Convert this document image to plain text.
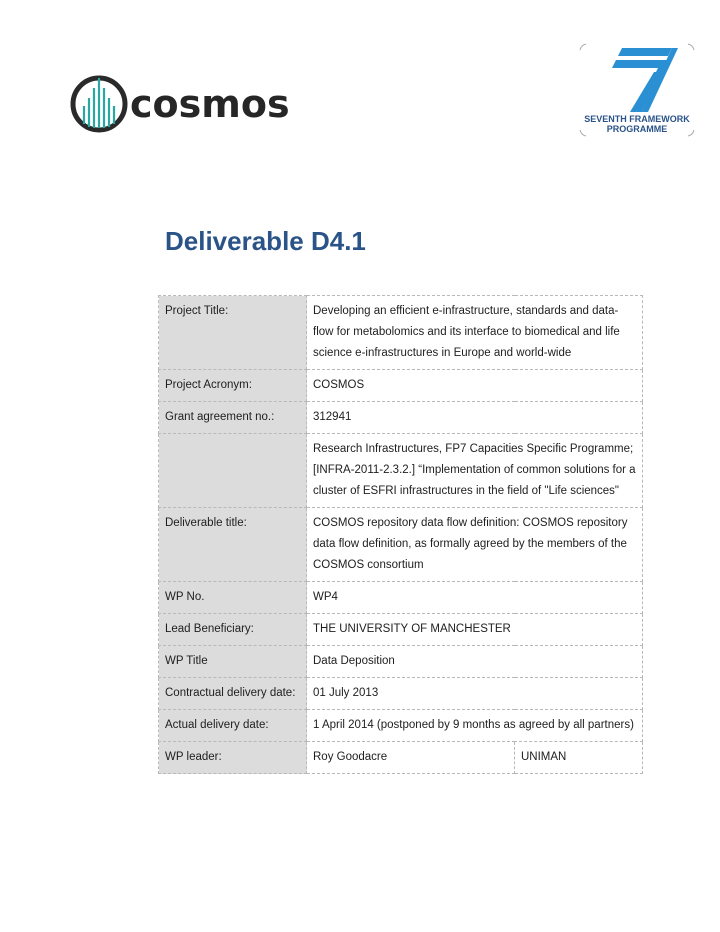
cosmos	SEVENTH FRAMEWORK
PROGRAMME
Deliverable D4.1
Project Title:	Developing an efficient e-infrastructure, standards and data-flow for metabolomics and its interface to biomedical and life science e-infrastructures in Europe and world-wide	
Project Acronym:	COSMOS	
Grant agreement no.:	312941	
	Research Infrastructures, FP7 Capacities Specific Programme; [INFRA-2011-2.3.2.] “Implementation of common solutions for a cluster of ESFRI infrastructures in the field of "Life sciences"	
Deliverable title:	COSMOS repository data flow definition: COSMOS repository data flow definition, as formally agreed by the members of the COSMOS consortium	
WP No.	WP4	
Lead Beneficiary:	THE UNIVERSITY OF MANCHESTER	
WP Title	Data Deposition	
Contractual delivery date:	01 July 2013	
Actual delivery date:	1 April 2014 (postponed by 9 months as agreed by all partners)	
WP leader:	Roy Goodacre	UNIMAN
